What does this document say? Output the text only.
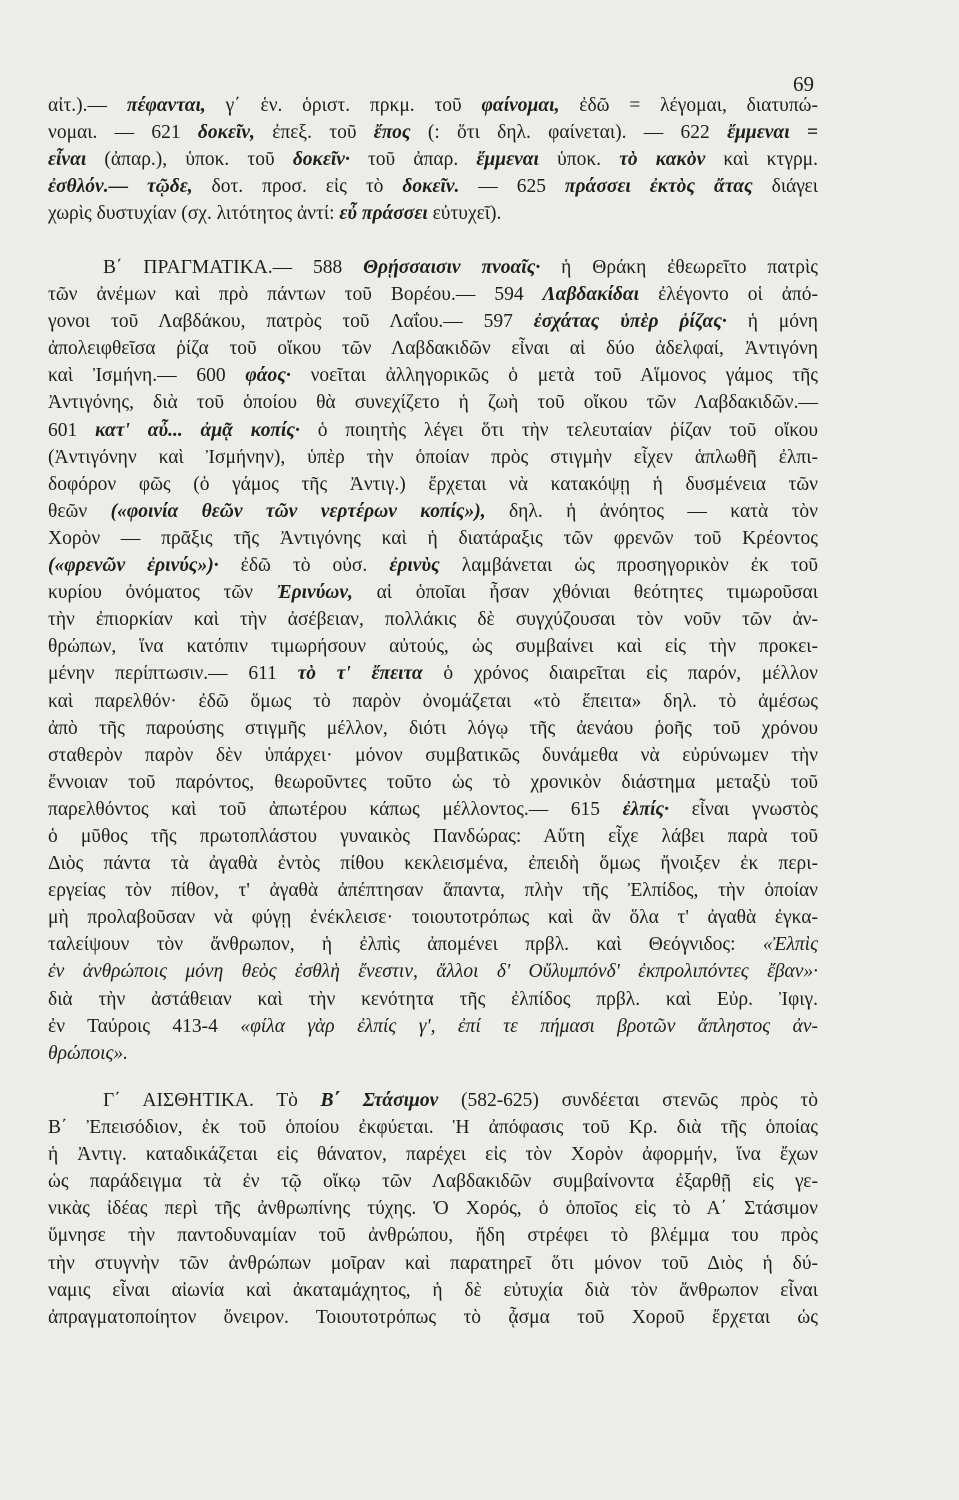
69
αἰτ.).— πέφανται, γ΄ ἑν. ὁριστ. πρκμ. τοῦ φαίνομαι, ἐδῶ = λέγομαι, διατυπώ-
νομαι. — 621 δοκεῖν, ἐπεξ. τοῦ ἔπος (: ὅτι δηλ. φαίνεται). — 622 ἔμμεναι =
εἶναι (ἀπαρ.), ὑποκ. τοῦ δοκεῖν· τοῦ ἀπαρ. ἔμμεναι ὑποκ. τὸ κακὸν καὶ κτγρμ.
ἐσθλόν.— τῷδε, δοτ. προσ. εἰς τὸ δοκεῖν. — 625 πράσσει ἐκτὸς ἄτας διάγει
χωρὶς δυστυχίαν (σχ. λιτότητος ἀντί: εὖ πράσσει εὐτυχεῖ).
Β΄ ΠΡΑΓΜΑΤΙΚΑ.— 588 Θρῄσσαισιν πνοαῖς· ἡ Θράκη ἐθεωρεῖτο πατρὶς
τῶν ἀνέμων καὶ πρὸ πάντων τοῦ Βορέου.— 594 Λαβδακίδαι ἐλέγοντο οἱ ἀπό-
γονοι τοῦ Λαβδάκου, πατρὸς τοῦ Λαΐου.— 597 ἐσχάτας ὑπὲρ ῥίζας· ἡ μόνη
ἀπολειφθεῖσα ῥίζα τοῦ οἴκου τῶν Λαβδακιδῶν εἶναι αἱ δύο ἀδελφαί, Ἀντιγόνη
καὶ Ἰσμήνη.— 600 φάος· νοεῖται ἀλληγορικῶς ὁ μετὰ τοῦ Αἵμονος γάμος τῆς
Ἀντιγόνης, διὰ τοῦ ὁποίου θὰ συνεχίζετο ἡ ζωὴ τοῦ οἴκου τῶν Λαβδακιδῶν.—
601 κατ' αὖ... ἀμᾷ κοπίς· ὁ ποιητὴς λέγει ὅτι τὴν τελευταίαν ῥίζαν τοῦ οἴκου
(Ἀντιγόνην καὶ Ἰσμήνην), ὑπὲρ τὴν ὁποίαν πρὸς στιγμὴν εἶχεν ἁπλωθῆ ἐλπι-
δοφόρον φῶς (ὁ γάμος τῆς Ἀντιγ.) ἔρχεται νὰ κατακόψῃ ἡ δυσμένεια τῶν
θεῶν («φοινία θεῶν τῶν νερτέρων κοπίς»), δηλ. ἡ ἀνόητος — κατὰ τὸν
Χορὸν — πρᾶξις τῆς Ἀντιγόνης καὶ ἡ διατάραξις τῶν φρενῶν τοῦ Κρέοντος
(«φρενῶν ἐρινύς»)· ἐδῶ τὸ οὐσ. ἐρινὺς λαμβάνεται ὡς προσηγορικὸν ἐκ τοῦ
κυρίου ὀνόματος τῶν Ἐρινύων, αἱ ὁποῖαι ἦσαν χθόνιαι θεότητες τιμωροῦσαι
τὴν ἐπιορκίαν καὶ τὴν ἀσέβειαν, πολλάκις δὲ συγχύζουσαι τὸν νοῦν τῶν ἀν-
θρώπων, ἵνα κατόπιν τιμωρήσουν αὐτούς, ὡς συμβαίνει καὶ εἰς τὴν προκει-
μένην περίπτωσιν.— 611 τὸ τ' ἔπειτα ὁ χρόνος διαιρεῖται εἰς παρόν, μέλλον
καὶ παρελθόν· ἐδῶ ὅμως τὸ παρὸν ὀνομάζεται «τὸ ἔπειτα» δηλ. τὸ ἀμέσως
ἀπὸ τῆς παρούσης στιγμῆς μέλλον, διότι λόγῳ τῆς ἀενάου ῥοῆς τοῦ χρόνου
σταθερὸν παρὸν δὲν ὑπάρχει· μόνον συμβατικῶς δυνάμεθα νὰ εὐρύνωμεν τὴν
ἔννοιαν τοῦ παρόντος, θεωροῦντες τοῦτο ὡς τὸ χρονικὸν διάστημα μεταξὺ τοῦ
παρελθόντος καὶ τοῦ ἀπωτέρου κάπως μέλλοντος.— 615 ἐλπίς· εἶναι γνωστὸς
ὁ μῦθος τῆς πρωτοπλάστου γυναικὸς Πανδώρας: Αὕτη εἶχε λάβει παρὰ τοῦ
Διὸς πάντα τὰ ἀγαθὰ ἐντὸς πίθου κεκλεισμένα, ἐπειδὴ ὅμως ἤνοιξεν ἐκ περι-
εργείας τὸν πίθον, τ' ἀγαθὰ ἀπέπτησαν ἅπαντα, πλὴν τῆς Ἐλπίδος, τὴν ὁποίαν
μὴ προλαβοῦσαν νὰ φύγῃ ἐνέκλεισε· τοιουτοτρόπως καὶ ἂν ὅλα τ' ἀγαθὰ ἐγκα-
ταλείψουν τὸν ἄνθρωπον, ἡ ἐλπὶς ἀπομένει πρβλ. καὶ Θεόγνιδος: «Ἐλπὶς
ἐν ἀνθρώποις μόνη θεὸς ἐσθλὴ ἔνεστιν, ἄλλοι δ' Οὔλυμπόνδ' ἐκπρολιπόντες ἔβαν»·
διὰ τὴν ἀστάθειαν καὶ τὴν κενότητα τῆς ἐλπίδος πρβλ. καὶ Εὐρ. Ἰφιγ.
ἐν Ταύροις 413-4 «φίλα γὰρ ἐλπίς γ', ἐπί τε πήμασι βροτῶν ἄπληστος ἀν-
θρώποις».
Γ΄ ΑΙΣΘΗΤΙΚΑ. Τὸ Β΄ Στάσιμον (582-625) συνδέεται στενῶς πρὸς τὸ
Β΄ Ἐπεισόδιον, ἐκ τοῦ ὁποίου ἐκφύεται. Ἡ ἀπόφασις τοῦ Κρ. διὰ τῆς ὁποίας
ἡ Ἀντιγ. καταδικάζεται εἰς θάνατον, παρέχει εἰς τὸν Χορὸν ἀφορμήν, ἵνα ἔχων
ὡς παράδειγμα τὰ ἐν τῷ οἴκῳ τῶν Λαβδακιδῶν συμβαίνοντα ἐξαρθῇ εἰς γε-
νικὰς ἰδέας περὶ τῆς ἀνθρωπίνης τύχης. Ὁ Χορός, ὁ ὁποῖος εἰς τὸ Α΄ Στάσιμον
ὕμνησε τὴν παντοδυναμίαν τοῦ ἀνθρώπου, ἤδη στρέφει τὸ βλέμμα του πρὸς
τὴν στυγνὴν τῶν ἀνθρώπων μοῖραν καὶ παρατηρεῖ ὅτι μόνον τοῦ Διὸς ἡ δύ-
ναμις εἶναι αἰωνία καὶ ἀκαταμάχητος, ἡ δὲ εὐτυχία διὰ τὸν ἄνθρωπον εἶναι
ἀπραγματοποίητον ὄνειρον. Τοιουτοτρόπως τὸ ᾆσμα τοῦ Χοροῦ ἔρχεται ὡς
